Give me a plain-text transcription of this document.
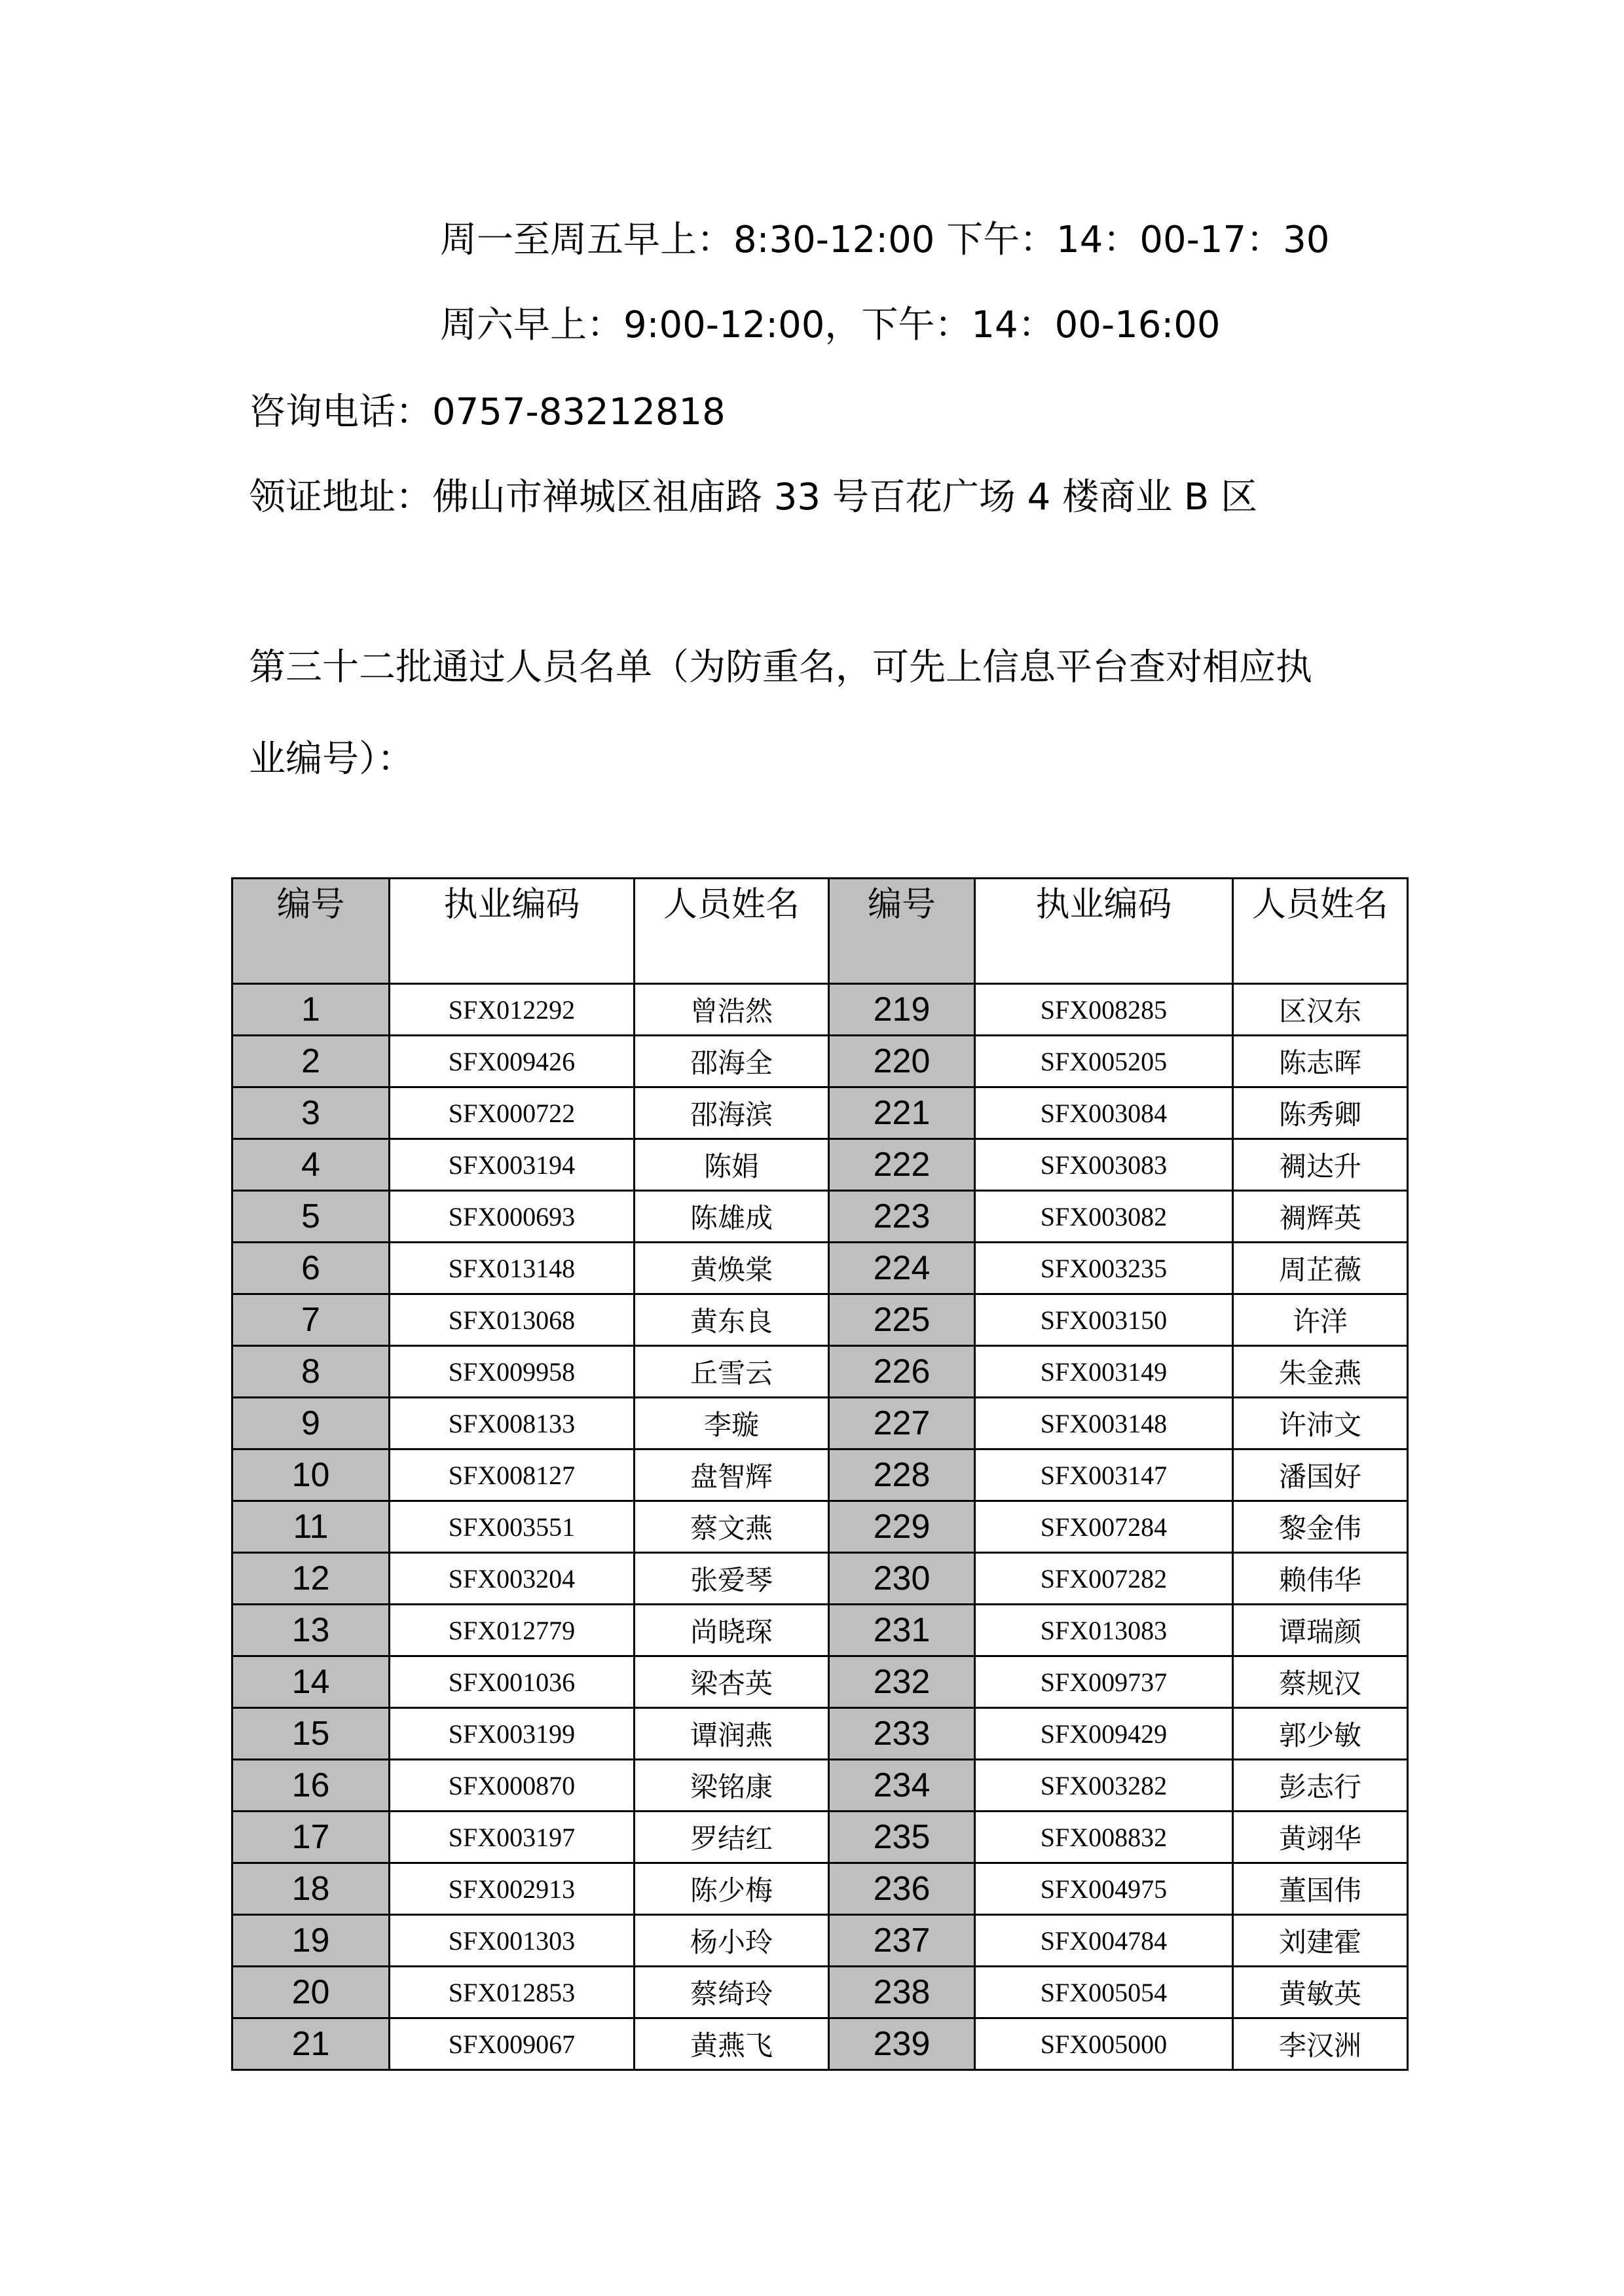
周一至周五早上：8:30-12:00 下午：14：00-17：30
周六早上：9:00-12:00，下午：14：00-16:00
咨询电话：0757-83212818
领证地址：佛山市禅城区祖庙路 33 号百花广场 4 楼商业 B 区
第三十二批通过人员名单（为防重名，可先上信息平台查对相应执
业编号）：
编号	执业编码	人员姓名	编号	执业编码	人员姓名
1	SFX012292	曾浩然	219	SFX008285	区汉东
2	SFX009426	邵海全	220	SFX005205	陈志晖
3	SFX000722	邵海滨	221	SFX003084	陈秀卿
4	SFX003194	陈娟	222	SFX003083	裯达升
5	SFX000693	陈雄成	223	SFX003082	裯辉英
6	SFX013148	黄焕棠	224	SFX003235	周芷薇
7	SFX013068	黄东良	225	SFX003150	许洋
8	SFX009958	丘雪云	226	SFX003149	朱金燕
9	SFX008133	李璇	227	SFX003148	许沛文
10	SFX008127	盘智辉	228	SFX003147	潘国好
11	SFX003551	蔡文燕	229	SFX007284	黎金伟
12	SFX003204	张爱琴	230	SFX007282	赖伟华
13	SFX012779	尚晓琛	231	SFX013083	谭瑞颜
14	SFX001036	梁杏英	232	SFX009737	蔡规汉
15	SFX003199	谭润燕	233	SFX009429	郭少敏
16	SFX000870	梁铭康	234	SFX003282	彭志行
17	SFX003197	罗结红	235	SFX008832	黄翊华
18	SFX002913	陈少梅	236	SFX004975	董国伟
19	SFX001303	杨小玲	237	SFX004784	刘建霍
20	SFX012853	蔡绮玲	238	SFX005054	黄敏英
21	SFX009067	黄燕飞	239	SFX005000	李汉洲
